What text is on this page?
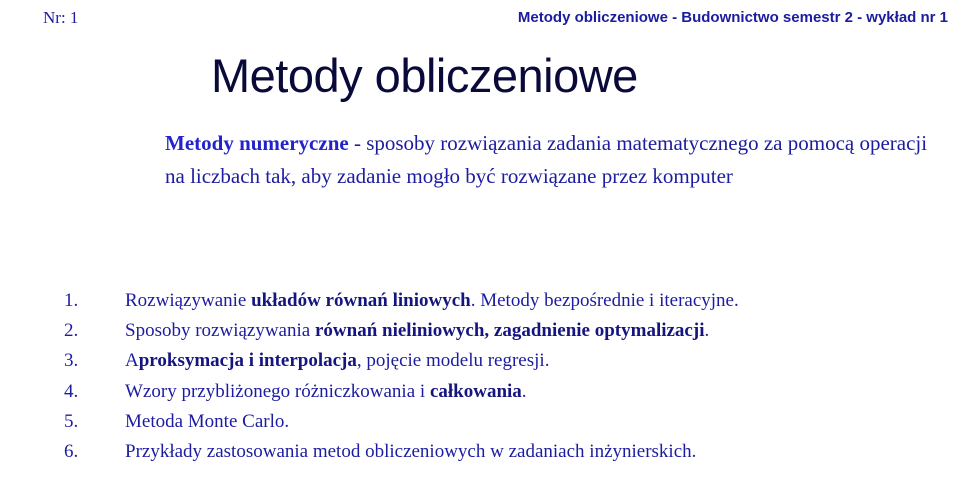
Nr: 1	Metody obliczeniowe - Budownictwo semestr 2 - wykład nr 1
Metody obliczeniowe
Metody numeryczne - sposoby rozwiązania zadania matematycznego za pomocą operacji na liczbach tak, aby zadanie mogło być rozwiązane przez komputer
1. Rozwiązywanie układów równań liniowych. Metody bezpośrednie i iteracyjne.
2. Sposoby rozwiązywania równań nieliniowych, zagadnienie optymalizacji.
3. Aproksymacja i interpolacja, pojęcie modelu regresji.
4. Wzory przybliżonego różniczkowania i całkowania.
5. Metoda Monte Carlo.
6. Przykłady zastosowania metod obliczeniowych w zadaniach inżynierskich.
